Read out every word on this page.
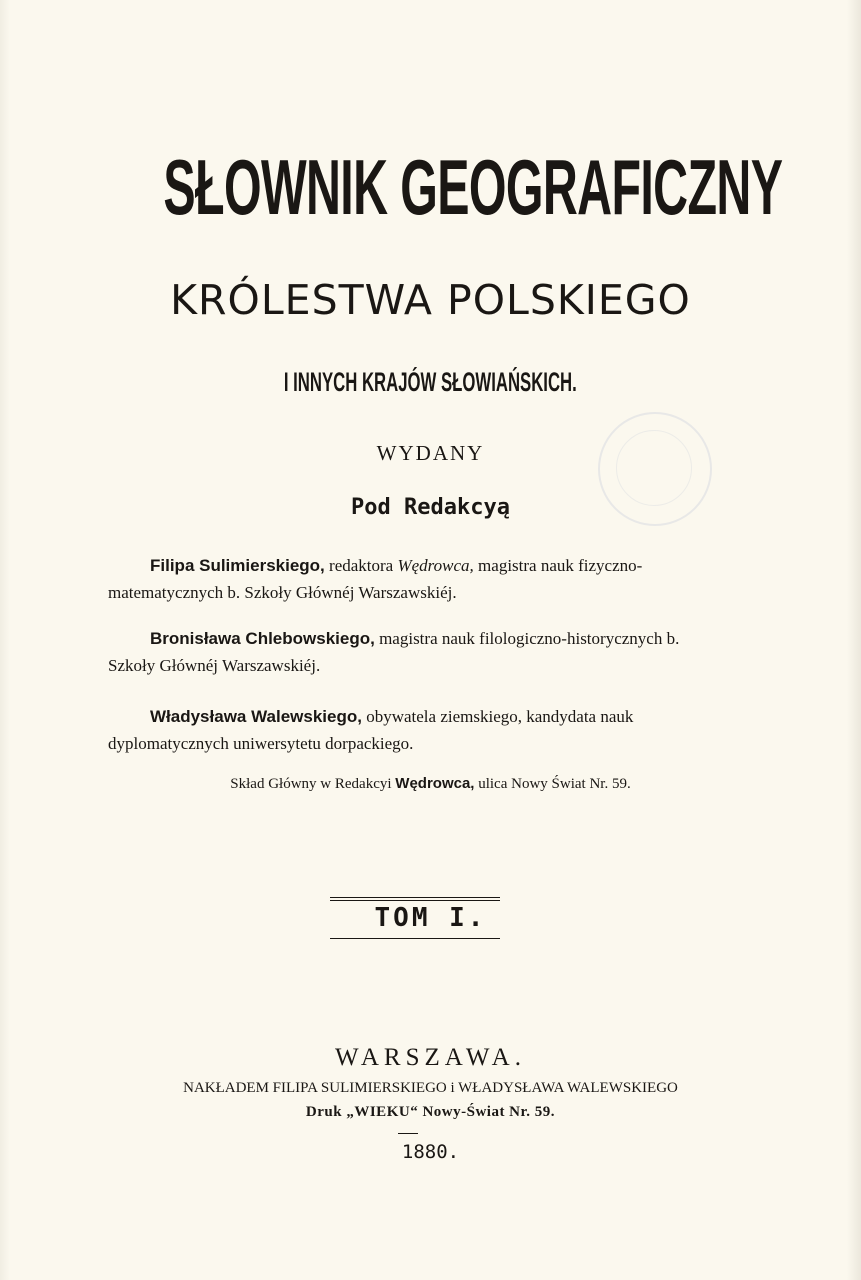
SŁOWNIK GEOGRAFICZNY
KRÓLESTWA POLSKIEGO
I INNYCH KRAJÓW SŁOWIAŃSKICH.
WYDANY
Pod Redakcyą
Filipa Sulimierskiego, redaktora Wędrowca, magistra nauk fizyczno-matematycznych b. Szkoły Głównéj Warszawskiéj.
Bronisława Chlebowskiego, magistra nauk filologiczno-historycznych b. Szkoły Głównéj Warszawskiéj.
Władysława Walewskiego, obywatela ziemskiego, kandydata nauk dyplomatycznych uniwersytetu dorpackiego.
Skład Główny w Redakcyi Wędrowca, ulica Nowy Świat Nr. 59.
TOM I.
WARSZAWA.
NAKŁADEM FILIPA SULIMIERSKIEGO i WŁADYSŁAWA WALEWSKIEGO
Druk „WIEKU“ Nowy-Świat Nr. 59.
1880.
